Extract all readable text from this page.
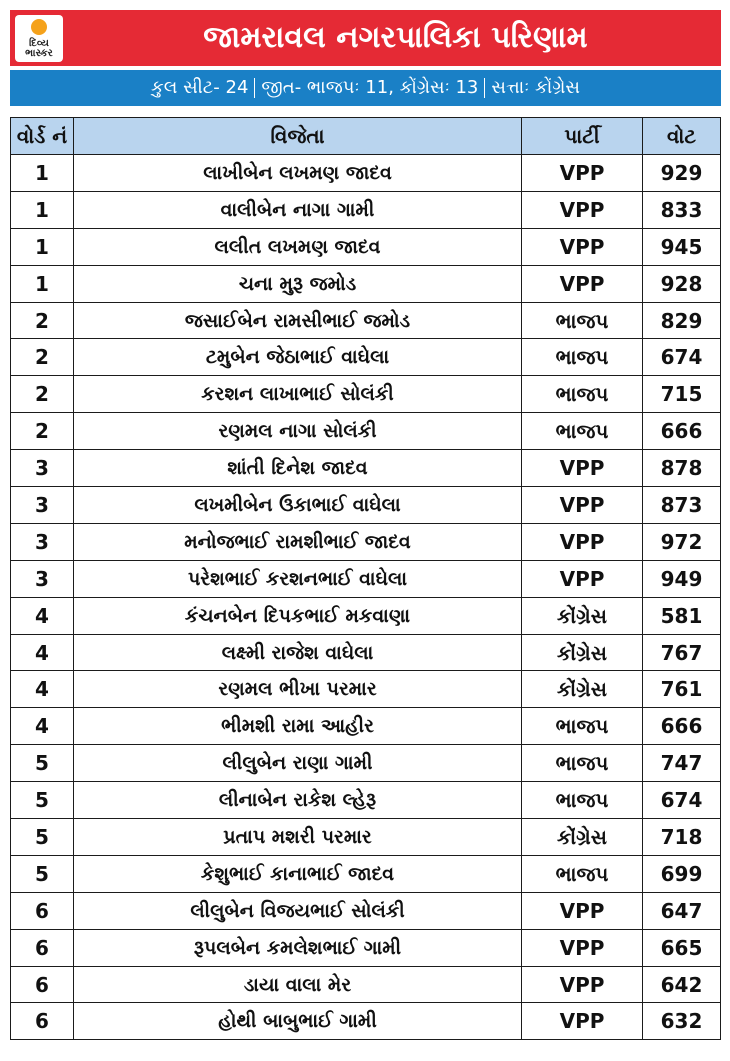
દિવ્ય ભાસ્કર	જામરાવલ નગરપાલિકા પરિણામ
કુલ સીટ- 24 જીત- ભાજપઃ 11, કોંગ્રેસઃ 13 સત્તાઃ કોંગ્રેસ
વોર્ડ નં	વિજેતા	પાર્ટી	વોટ
1	લાખીબેન લખમણ જાદવ	VPP	929
1	વાલીબેન નાગા ગામી	VPP	833
1	લલીત લખમણ જાદવ	VPP	945
1	ચના મુરૂ જમોડ	VPP	928
2	જસાઈબેન રામસીભાઈ જમોડ	ભાજપ	829
2	ટમુબેન જેઠાભાઈ વાઘેલા	ભાજપ	674
2	કરશન લાખાભાઈ સોલંકી	ભાજપ	715
2	રણમલ નાગા સોલંકી	ભાજપ	666
3	શાંતી દિનેશ જાદવ	VPP	878
3	લખમીબેન ઉકાભાઈ વાઘેલા	VPP	873
3	મનોજભાઈ રામશીભાઈ જાદવ	VPP	972
3	પરેશભાઈ કરશનભાઈ વાઘેલા	VPP	949
4	કંચનબેન દિપકભાઈ મકવાણા	કોંગ્રેસ	581
4	લક્ષ્મી રાજેશ વાઘેલા	કોંગ્રેસ	767
4	રણમલ ભીખા પરમાર	કોંગ્રેસ	761
4	ભીમશી રામા આહીર	ભાજપ	666
5	લીલુબેન રાણા ગામી	ભાજપ	747
5	લીનાબેન રાકેશ લ્હેરૂ	ભાજપ	674
5	પ્રતાપ મશરી પરમાર	કોંગ્રેસ	718
5	કેશુભાઈ કાનાભાઈ જાદવ	ભાજપ	699
6	લીલુબેન વિજયભાઈ સોલંકી	VPP	647
6	રૂપલબેન કમલેશભાઈ ગામી	VPP	665
6	ડાયા વાલા મેર	VPP	642
6	હોથી બાબુભાઈ ગામી	VPP	632
